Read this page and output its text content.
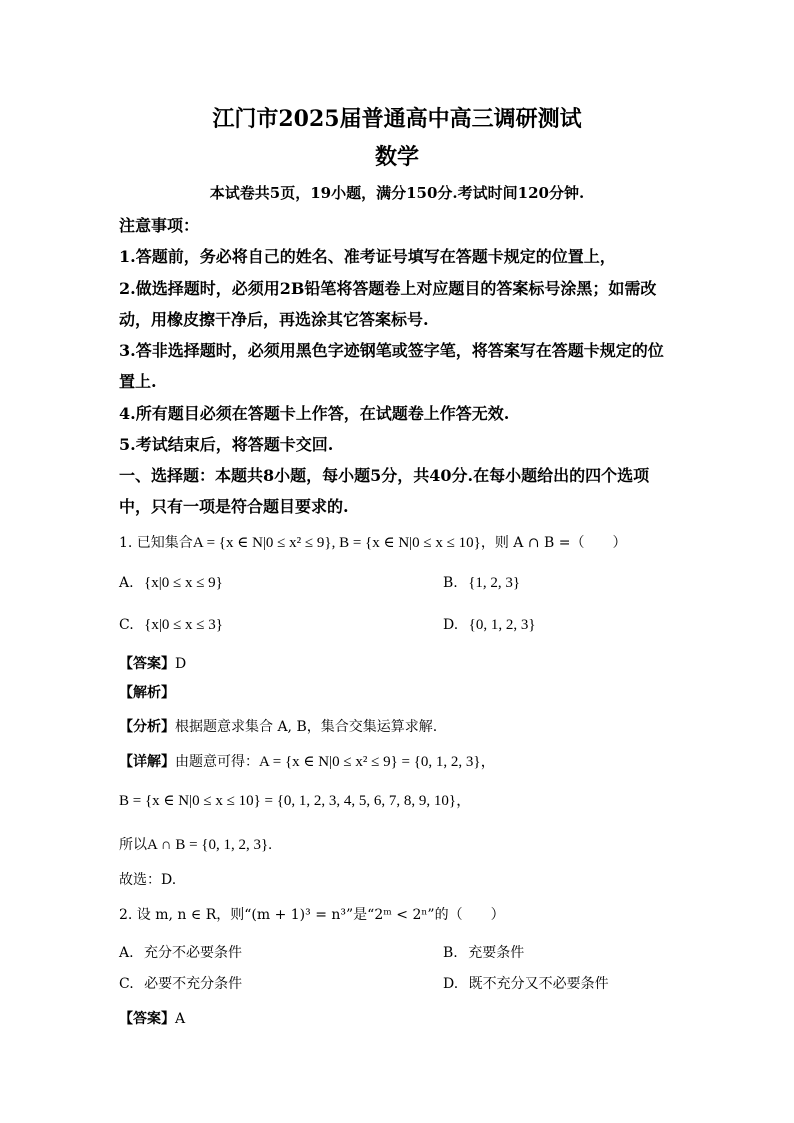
江门市2025届普通高中高三调研测试
数学
本试卷共5页，19小题，满分150分.考试时间120分钟.
注意事项：
1.答题前，务必将自己的姓名、准考证号填写在答题卡规定的位置上，
2.做选择题时，必须用2B铅笔将答题卷上对应题目的答案标号涂黑；如需改
动，用橡皮擦干净后，再选涂其它答案标号.
3.答非选择题时，必须用黑色字迹钢笔或签字笔，将答案写在答题卡规定的位
置上.
4.所有题目必须在答题卡上作答，在试题卷上作答无效.
5.考试结束后，将答题卡交回.
一、选择题：本题共8小题，每小题5分，共40分.在每小题给出的四个选项
中，只有一项是符合题目要求的.
1. 已知集合A = {x ∈ N|0 ≤ x² ≤ 9}, B = {x ∈ N|0 ≤ x ≤ 10}，则 A ∩ B =（　　）
A. {x|0 ≤ x ≤ 9}	B. {1, 2, 3}
C. {x|0 ≤ x ≤ 3}	D. {0, 1, 2, 3}
【答案】D
【解析】
【分析】根据题意求集合 A, B，集合交集运算求解.
【详解】由题意可得：A = {x ∈ N|0 ≤ x² ≤ 9} = {0, 1, 2, 3}，
B = {x ∈ N|0 ≤ x ≤ 10} = {0, 1, 2, 3, 4, 5, 6, 7, 8, 9, 10}，
所以A ∩ B = {0, 1, 2, 3}.
故选：D.
2. 设 m, n ∈ R，则“(m + 1)³ = n³”是“2ᵐ < 2ⁿ”的（　　）
A. 充分不必要条件	B. 充要条件
C. 必要不充分条件	D. 既不充分又不必要条件
【答案】A
